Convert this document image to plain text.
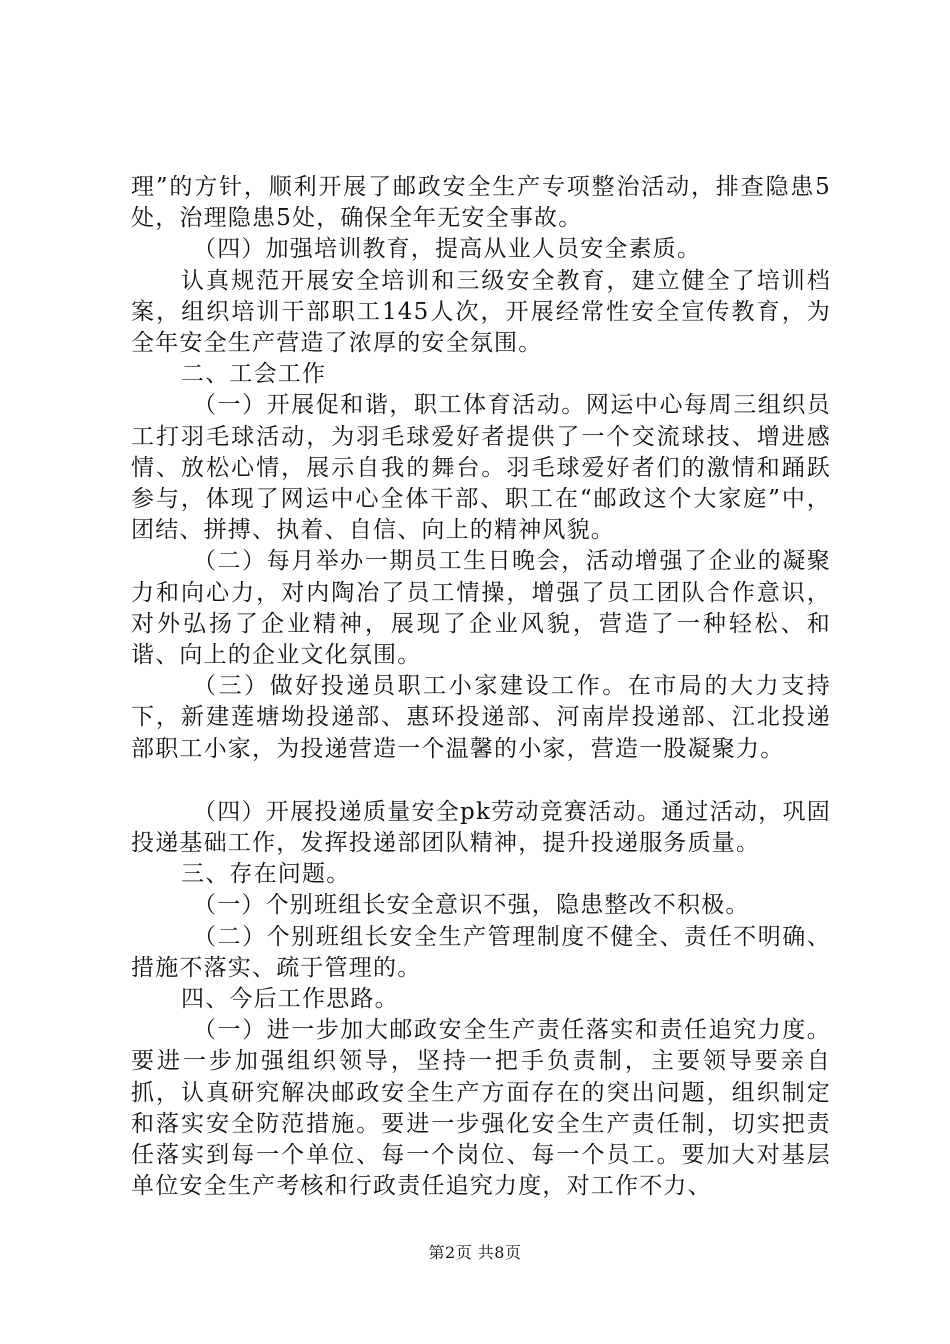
理”的方针，顺利开展了邮政安全生产专项整治活动，排查隐患5处，治理隐患5处，确保全年无安全事故。

（四）加强培训教育，提高从业人员安全素质。

认真规范开展安全培训和三级安全教育，建立健全了培训档案，组织培训干部职工145人次，开展经常性安全宣传教育，为全年安全生产营造了浓厚的安全氛围。

二、工会工作

（一）开展促和谐，职工体育活动。网运中心每周三组织员工打羽毛球活动，为羽毛球爱好者提供了一个交流球技、增进感情、放松心情，展示自我的舞台。羽毛球爱好者们的激情和踊跃参与，体现了网运中心全体干部、职工在“邮政这个大家庭”中，团结、拼搏、执着、自信、向上的精神风貌。

（二）每月举办一期员工生日晚会，活动增强了企业的凝聚力和向心力，对内陶冶了员工情操，增强了员工团队合作意识，对外弘扬了企业精神，展现了企业风貌，营造了一种轻松、和谐、向上的企业文化氛围。

（三）做好投递员职工小家建设工作。在市局的大力支持下，新建莲塘坳投递部、惠环投递部、河南岸投递部、江北投递部职工小家，为投递营造一个温馨的小家，营造一股凝聚力。

（四）开展投递质量安全pk劳动竞赛活动。通过活动，巩固投递基础工作，发挥投递部团队精神，提升投递服务质量。

三、存在问题。

（一）个别班组长安全意识不强，隐患整改不积极。

（二）个别班组长安全生产管理制度不健全、责任不明确、措施不落实、疏于管理的。

四、今后工作思路。

（一）进一步加大邮政安全生产责任落实和责任追究力度。要进一步加强组织领导，坚持一把手负责制，主要领导要亲自抓，认真研究解决邮政安全生产方面存在的突出问题，组织制定和落实安全防范措施。要进一步强化安全生产责任制，切实把责任落实到每一个单位、每一个岗位、每一个员工。要加大对基层单位安全生产考核和行政责任追究力度，对工作不力、

第2页 共8页
